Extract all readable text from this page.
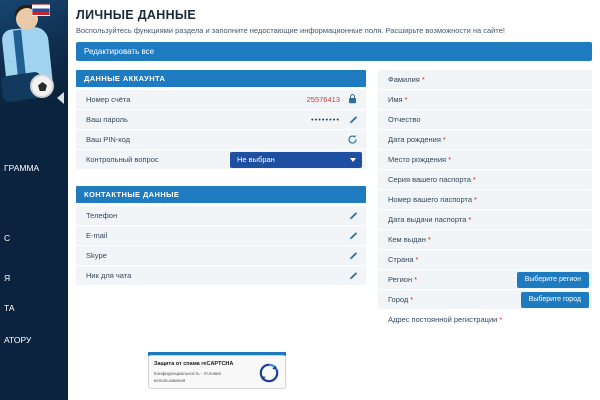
ГРАММА
С
Я
ТА
АТОРУ
ЛИЧНЫЕ ДАННЫЕ
Воспользуйтесь функциями раздела и заполните недостающие информационные поля. Расширьте возможности на сайте!
Редактировать все
ДАННЫЕ АККАУНТА
Номер счёта	25576413
Ваш пароль	••••••••
Ваш PIN-код
Контрольный вопрос	Не выбран
КОНТАКТНЫЕ ДАННЫЕ
Телефон
E-mail
Skype
Ник для чата
Фамилия *
Имя *
Отчество
Дата рождения *
Место рождения *
Серия вашего паспорта *
Номер вашего паспорта *
Дата выдачи паспорта *
Кем выдан *
Страна *
Регион *	Выберите регион
Город *	Выберите город
Адрес постоянной регистрации *
Защита от спама reCAPTCHA
Конфиденциальность - Условия
использования
